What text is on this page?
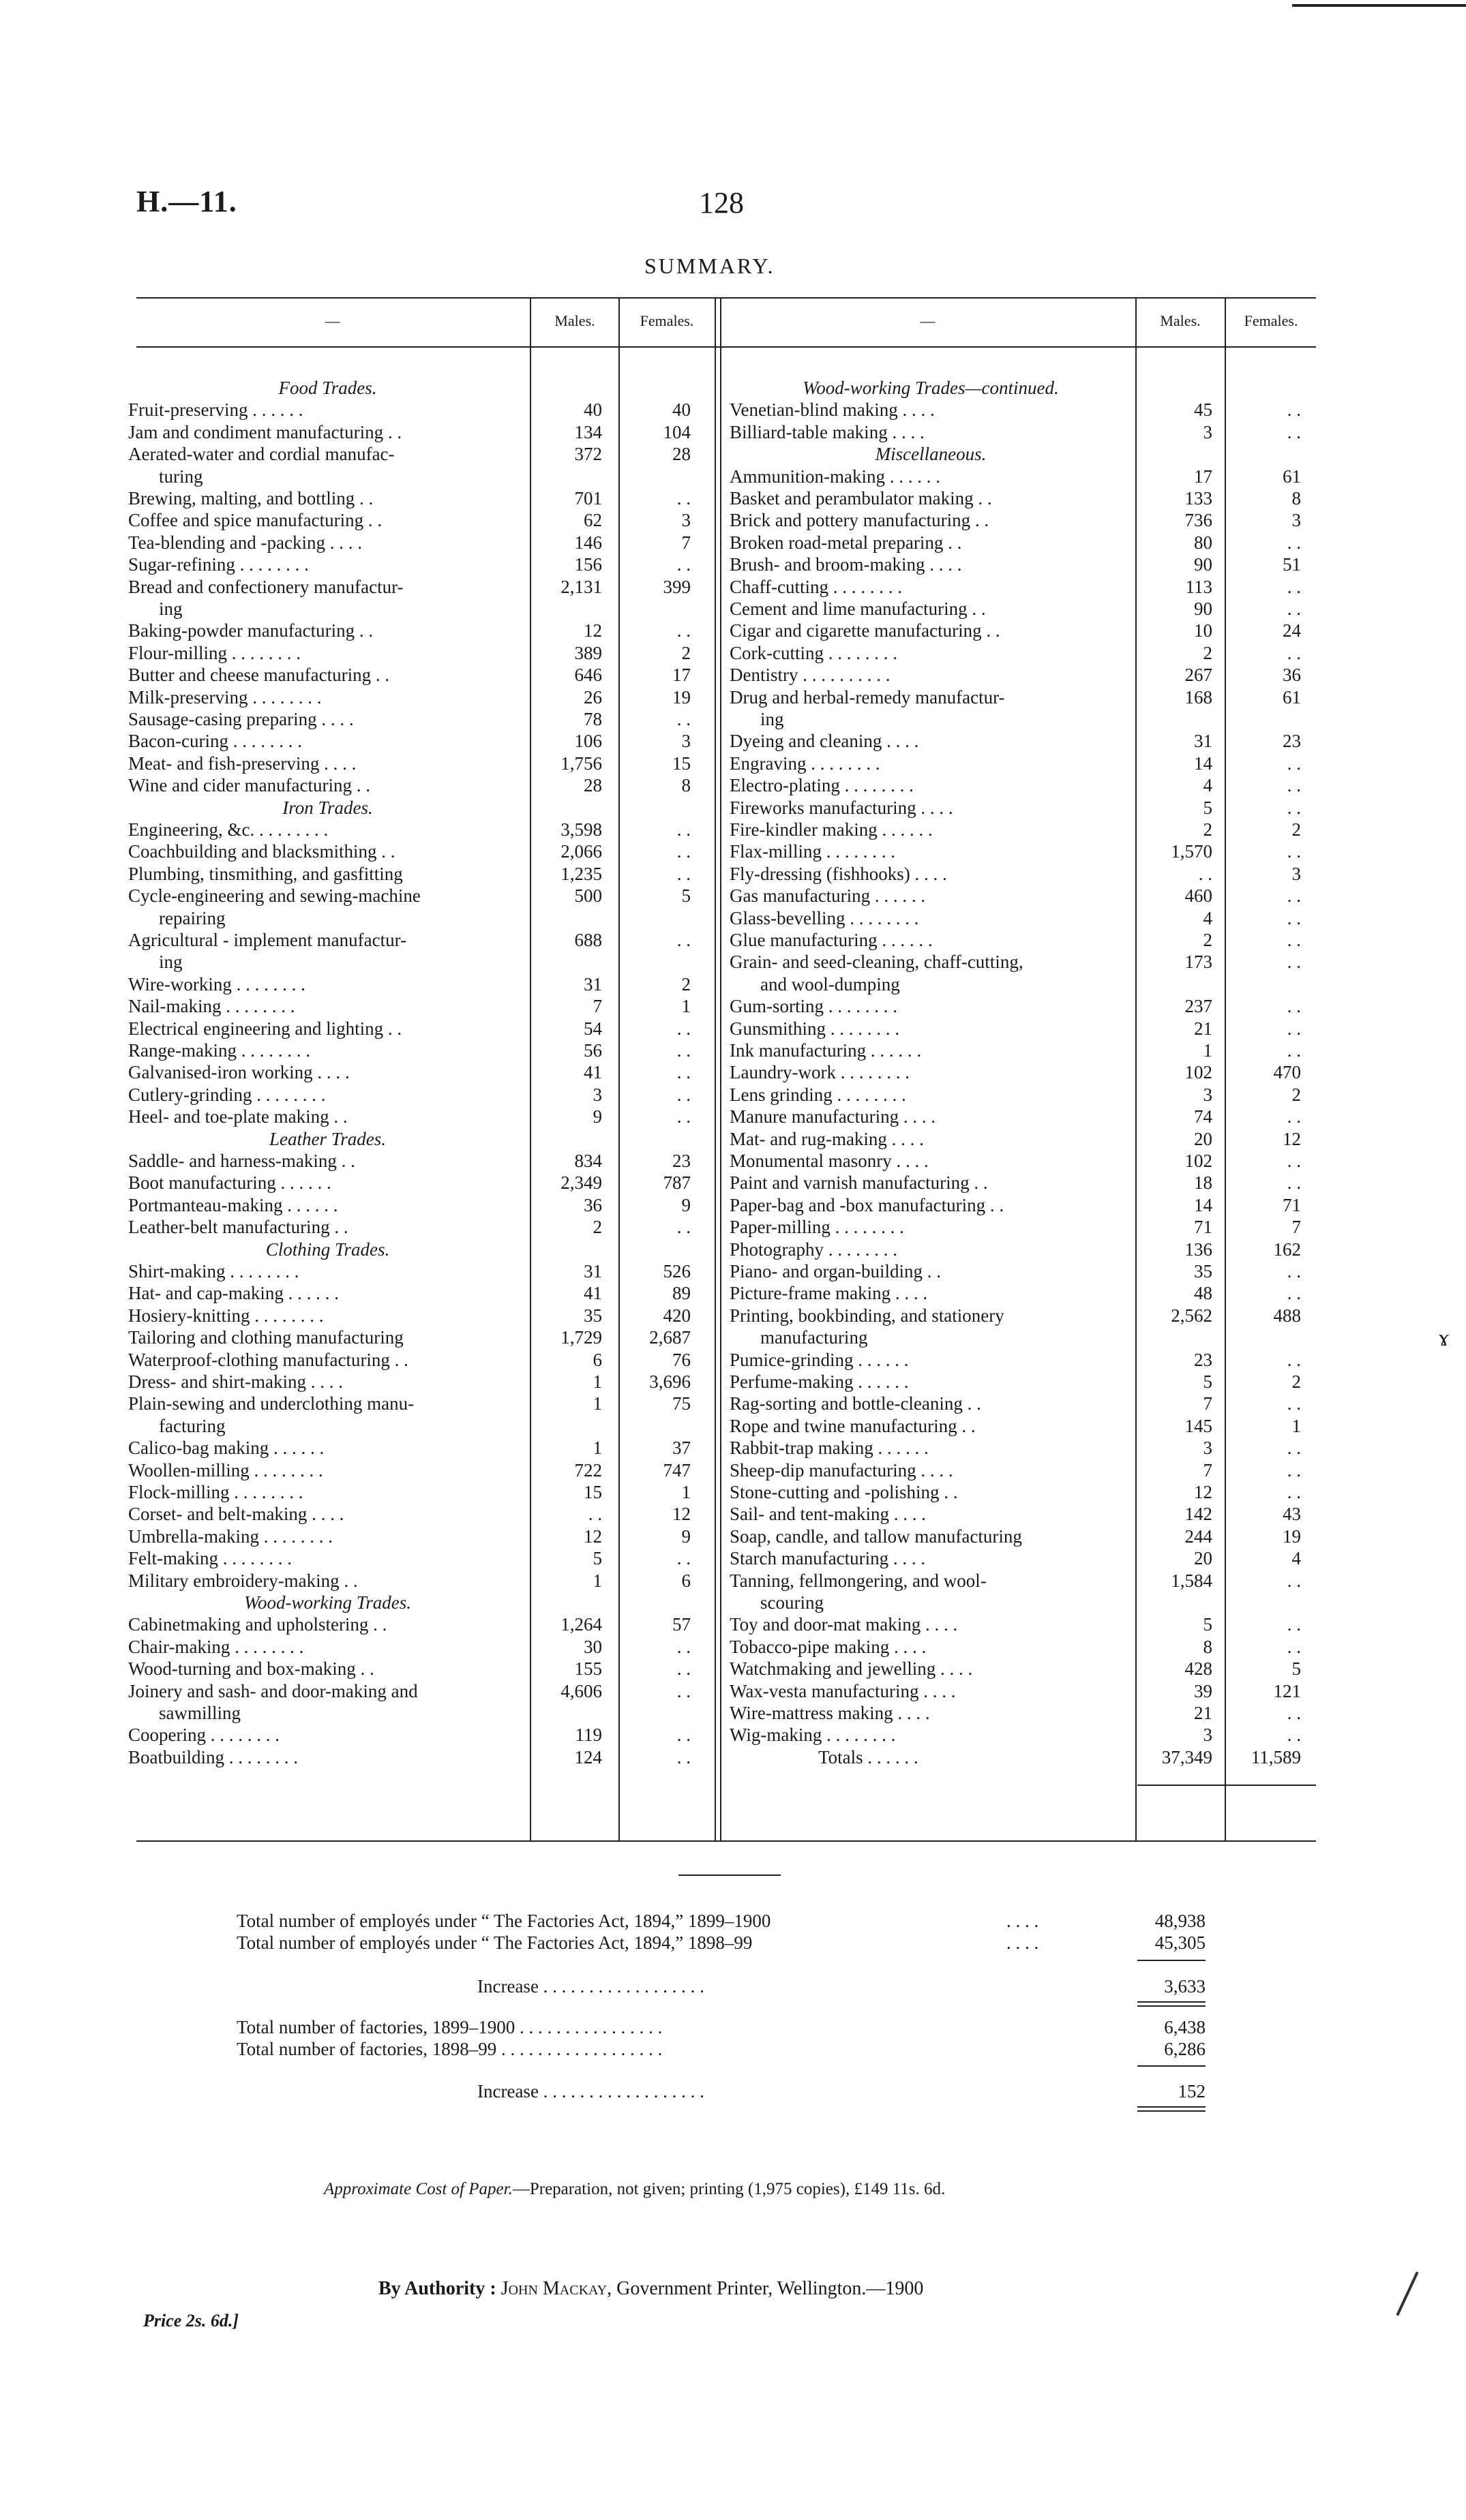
H.—11.	128
SUMMARY.
—	Males.	Females.	—	Males.	Females.
Food Trades.
Fruit-preserving . . . . . .	40	40
Jam and condiment manufacturing . .	134	104
Aerated-water and cordial manufac-	372	28
turing
Brewing, malting, and bottling . .	701	. .
Coffee and spice manufacturing . .	62	3
Tea-blending and -packing . . . .	146	7
Sugar-refining . . . . . . . .	156	. .
Bread and confectionery manufactur-	2,131	399
ing
Baking-powder manufacturing . .	12	. .
Flour-milling . . . . . . . .	389	2
Butter and cheese manufacturing . .	646	17
Milk-preserving . . . . . . . .	26	19
Sausage-casing preparing . . . .	78	. .
Bacon-curing . . . . . . . .	106	3
Meat- and fish-preserving . . . .	1,756	15
Wine and cider manufacturing . .	28	8
Iron Trades.
Engineering, &c. . . . . . . . .	3,598	. .
Coachbuilding and blacksmithing . .	2,066	. .
Plumbing, tinsmithing, and gasfitting	1,235	. .
Cycle-engineering and sewing-machine	500	5
repairing
Agricultural - implement manufactur-	688	. .
ing
Wire-working . . . . . . . .	31	2
Nail-making . . . . . . . .	7	1
Electrical engineering and lighting . .	54	. .
Range-making . . . . . . . .	56	. .
Galvanised-iron working . . . .	41	. .
Cutlery-grinding . . . . . . . .	3	. .
Heel- and toe-plate making . .	9	. .
Leather Trades.
Saddle- and harness-making . .	834	23
Boot manufacturing . . . . . .	2,349	787
Portmanteau-making . . . . . .	36	9
Leather-belt manufacturing . .	2	. .
Clothing Trades.
Shirt-making . . . . . . . .	31	526
Hat- and cap-making . . . . . .	41	89
Hosiery-knitting . . . . . . . .	35	420
Tailoring and clothing manufacturing	1,729	2,687
Waterproof-clothing manufacturing . .	6	76
Dress- and shirt-making . . . .	1	3,696
Plain-sewing and underclothing manu-	1	75
facturing
Calico-bag making . . . . . .	1	37
Woollen-milling . . . . . . . .	722	747
Flock-milling . . . . . . . .	15	1
Corset- and belt-making . . . .	. .	12
Umbrella-making . . . . . . . .	12	9
Felt-making . . . . . . . .	5	. .
Military embroidery-making . .	1	6
Wood-working Trades.
Cabinetmaking and upholstering . .	1,264	57
Chair-making . . . . . . . .	30	. .
Wood-turning and box-making . .	155	. .
Joinery and sash- and door-making and	4,606	. .
sawmilling
Coopering . . . . . . . .	119	. .
Boatbuilding . . . . . . . .	124	. .
Wood-working Trades—continued.
Venetian-blind making . . . .	45	. .
Billiard-table making . . . .	3	. .
Miscellaneous.
Ammunition-making . . . . . .	17	61
Basket and perambulator making . .	133	8
Brick and pottery manufacturing . .	736	3
Broken road-metal preparing . .	80	. .
Brush- and broom-making . . . .	90	51
Chaff-cutting . . . . . . . .	113	. .
Cement and lime manufacturing . .	90	. .
Cigar and cigarette manufacturing . .	10	24
Cork-cutting . . . . . . . .	2	. .
Dentistry . . . . . . . . . .	267	36
Drug and herbal-remedy manufactur-	168	61
ing
Dyeing and cleaning . . . .	31	23
Engraving . . . . . . . .	14	. .
Electro-plating . . . . . . . .	4	. .
Fireworks manufacturing . . . .	5	. .
Fire-kindler making . . . . . .	2	2
Flax-milling . . . . . . . .	1,570	. .
Fly-dressing (fishhooks) . . . .	. .	3
Gas manufacturing . . . . . .	460	. .
Glass-bevelling . . . . . . . .	4	. .
Glue manufacturing . . . . . .	2	. .
Grain- and seed-cleaning, chaff-cutting,	173	. .
and wool-dumping
Gum-sorting . . . . . . . .	237	. .
Gunsmithing . . . . . . . .	21	. .
Ink manufacturing . . . . . .	1	. .
Laundry-work . . . . . . . .	102	470
Lens grinding . . . . . . . .	3	2
Manure manufacturing . . . .	74	. .
Mat- and rug-making . . . .	20	12
Monumental masonry . . . .	102	. .
Paint and varnish manufacturing . .	18	. .
Paper-bag and -box manufacturing . .	14	71
Paper-milling . . . . . . . .	71	7
Photography . . . . . . . .	136	162
Piano- and organ-building . .	35	. .
Picture-frame making . . . .	48	. .
Printing, bookbinding, and stationery	2,562	488
manufacturing
Pumice-grinding . . . . . .	23	. .
Perfume-making . . . . . .	5	2
Rag-sorting and bottle-cleaning . .	7	. .
Rope and twine manufacturing . .	145	1
Rabbit-trap making . . . . . .	3	. .
Sheep-dip manufacturing . . . .	7	. .
Stone-cutting and -polishing . .	12	. .
Sail- and tent-making . . . .	142	43
Soap, candle, and tallow manufacturing	244	19
Starch manufacturing . . . .	20	4
Tanning, fellmongering, and wool-	1,584	. .
scouring
Toy and door-mat making . . . .	5	. .
Tobacco-pipe making . . . .	8	. .
Watchmaking and jewelling . . . .	428	5
Wax-vesta manufacturing . . . .	39	121
Wire-mattress making . . . .	21	. .
Wig-making . . . . . . . .	3	. .
Totals . . . . . .	37,349	11,589
Total number of employés under “ The Factories Act, 1894,” 1899–1900	. . . .	48,938
Total number of employés under “ The Factories Act, 1894,” 1898–99	. . . .	45,305
Increase . . . . . . . . . . . . . . . . . .	3,633
Total number of factories, 1899–1900 . . . . . . . . . . . . . . . .	6,438
Total number of factories, 1898–99 . . . . . . . . . . . . . . . . . .	6,286
Increase . . . . . . . . . . . . . . . . . .	152
Approximate Cost of Paper.—Preparation, not given; printing (1,975 copies), £149 11s. 6d.
By Authority : John Mackay, Government Printer, Wellington.—1900
Price 2s. 6d.]
ɤ
